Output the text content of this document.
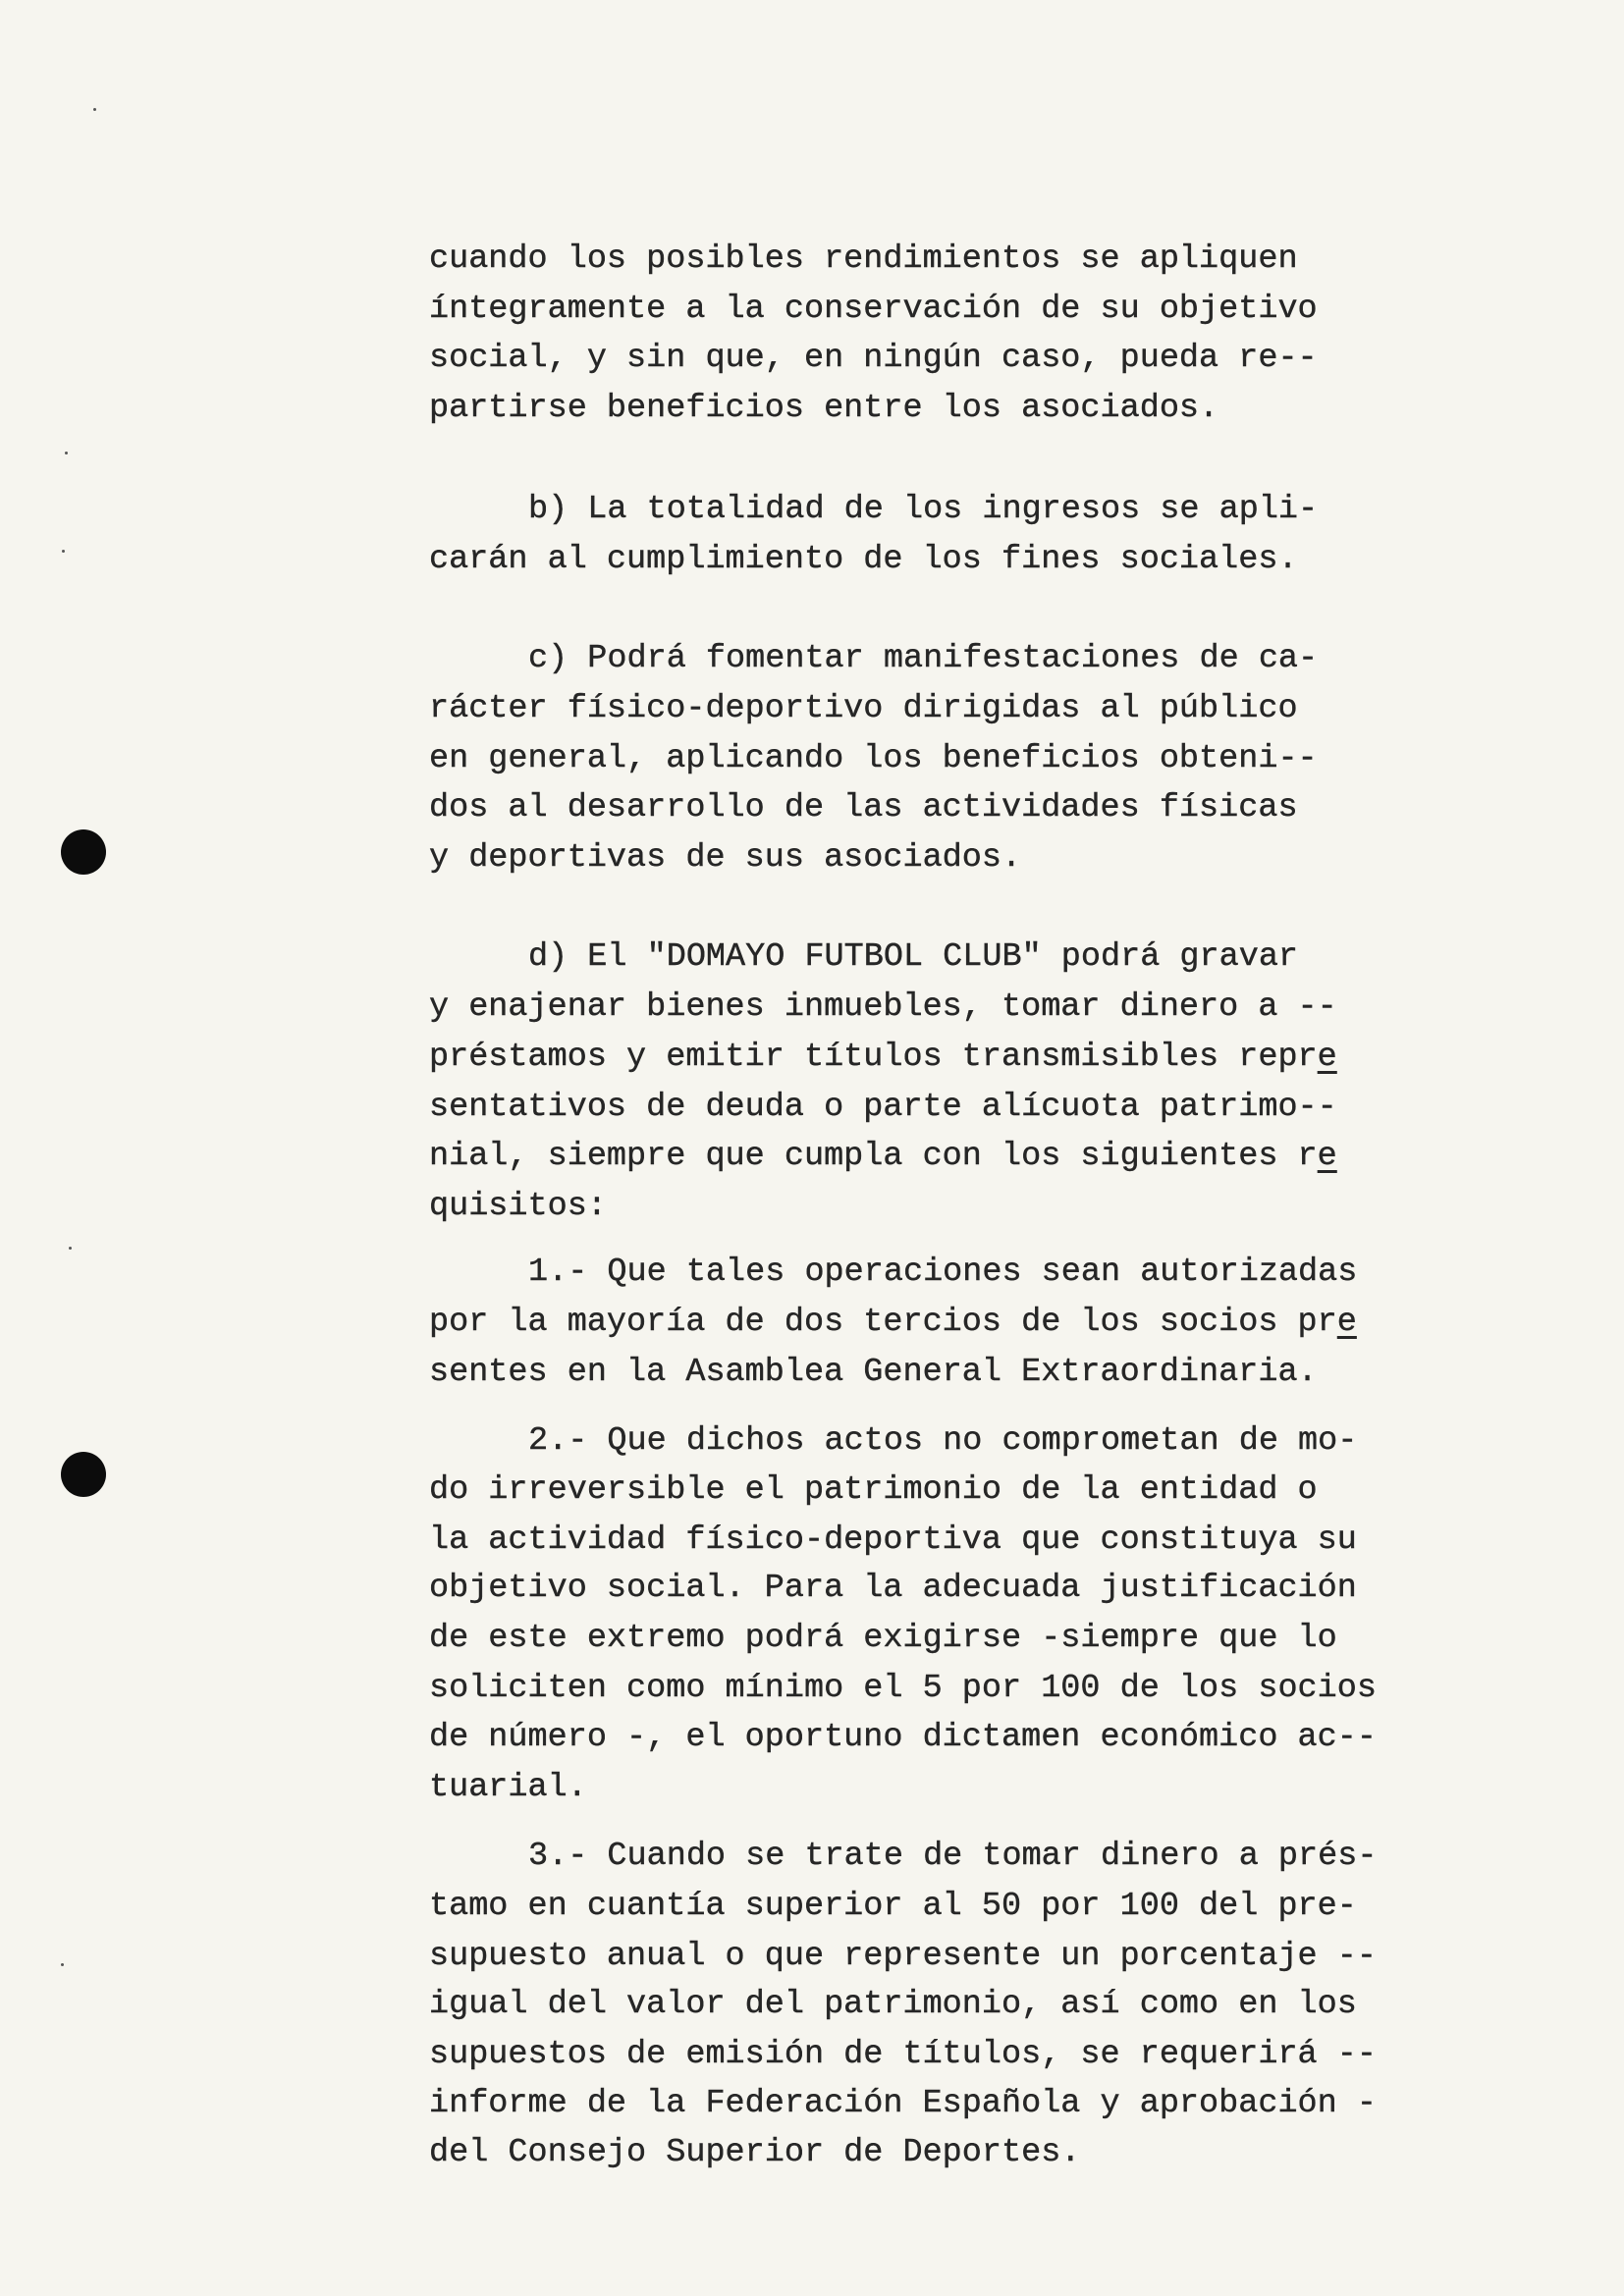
cuando los posibles rendimientos se apliquen
íntegramente a la conservación de su objetivo
social, y sin que, en ningún caso, pueda re--
partirse beneficios entre los asociados.
b) La totalidad de los ingresos se apli-
carán al cumplimiento de los fines sociales.
c) Podrá fomentar manifestaciones de ca-
rácter físico-deportivo dirigidas al público
en general, aplicando los beneficios obteni--
dos al desarrollo de las actividades físicas
y deportivas de sus asociados.
d) El "DOMAYO FUTBOL CLUB" podrá gravar
y enajenar bienes inmuebles, tomar dinero a --
préstamos y emitir títulos transmisibles repre
sentativos de deuda o parte alícuota patrimo--
nial, siempre que cumpla con los siguientes re
quisitos:
1.- Que tales operaciones sean autorizadas
por la mayoría de dos tercios de los socios pre
sentes en la Asamblea General Extraordinaria.
2.- Que dichos actos no comprometan de mo-
do irreversible el patrimonio de la entidad o
la actividad físico-deportiva que constituya su
objetivo social. Para la adecuada justificación
de este extremo podrá exigirse -siempre que lo
soliciten como mínimo el 5 por 100 de los socios
de número -, el oportuno dictamen económico ac--
tuarial.
3.- Cuando se trate de tomar dinero a prés-
tamo en cuantía superior al 50 por 100 del pre-
supuesto anual o que represente un porcentaje --
igual del valor del patrimonio, así como en los
supuestos de emisión de títulos, se requerirá --
informe de la Federación Española y aprobación -
del Consejo Superior de Deportes.
